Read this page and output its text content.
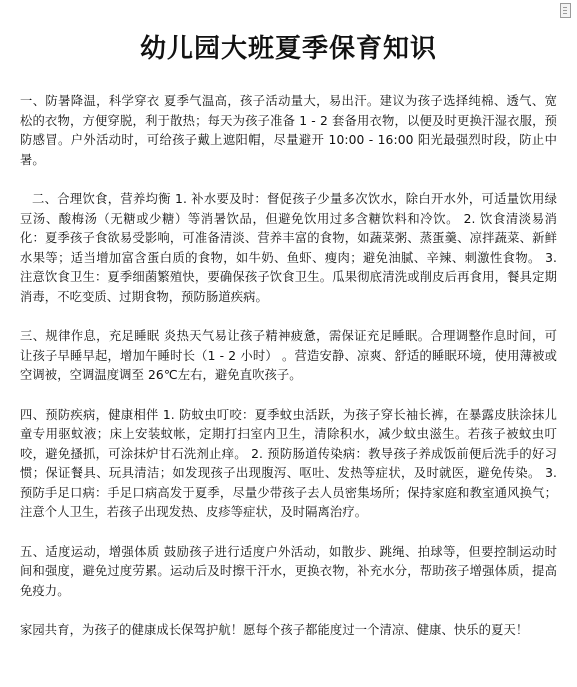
幼儿园大班夏季保育知识

一、防暑降温，科学穿衣 夏季气温高，孩子活动量大，易出汗。建议为孩子选择纯棉、透气、宽松的衣物，方便穿脱，利于散热；每天为孩子准备 1 - 2 套备用衣物，以便及时更换汗湿衣服，预防感冒。户外活动时，可给孩子戴上遮阳帽，尽量避开 10:00 - 16:00 阳光最强烈时段，防止中暑。

二、合理饮食，营养均衡 1. 补水要及时：督促孩子少量多次饮水，除白开水外，可适量饮用绿豆汤、酸梅汤（无糖或少糖）等消暑饮品，但避免饮用过多含糖饮料和冷饮。 2. 饮食清淡易消化：夏季孩子食欲易受影响，可准备清淡、营养丰富的食物，如蔬菜粥、蒸蛋羹、凉拌蔬菜、新鲜水果等；适当增加富含蛋白质的食物，如牛奶、鱼虾、瘦肉；避免油腻、辛辣、刺激性食物。 3. 注意饮食卫生：夏季细菌繁殖快，要确保孩子饮食卫生。瓜果彻底清洗或削皮后再食用，餐具定期消毒，不吃变质、过期食物，预防肠道疾病。

三、规律作息，充足睡眠 炎热天气易让孩子精神疲惫，需保证充足睡眠。合理调整作息时间，可让孩子早睡早起，增加午睡时长（1 - 2 小时） 。营造安静、凉爽、舒适的睡眠环境，使用薄被或空调被，空调温度调至 26℃左右，避免直吹孩子。

四、预防疾病，健康相伴 1. 防蚊虫叮咬：夏季蚊虫活跃，为孩子穿长袖长裤，在暴露皮肤涂抹儿童专用驱蚊液；床上安装蚊帐，定期打扫室内卫生，清除积水，减少蚊虫滋生。若孩子被蚊虫叮咬，避免搔抓，可涂抹炉甘石洗剂止痒。 2. 预防肠道传染病：教导孩子养成饭前便后洗手的好习惯；保证餐具、玩具清洁；如发现孩子出现腹泻、呕吐、发热等症状，及时就医，避免传染。 3. 预防手足口病：手足口病高发于夏季，尽量少带孩子去人员密集场所；保持家庭和教室通风换气；注意个人卫生，若孩子出现发热、皮疹等症状，及时隔离治疗。

五、适度运动，增强体质 鼓励孩子进行适度户外活动，如散步、跳绳、拍球等，但要控制运动时间和强度，避免过度劳累。运动后及时擦干汗水，更换衣物，补充水分，帮助孩子增强体质，提高免疫力。

家园共育，为孩子的健康成长保驾护航！愿每个孩子都能度过一个清凉、健康、快乐的夏天！
